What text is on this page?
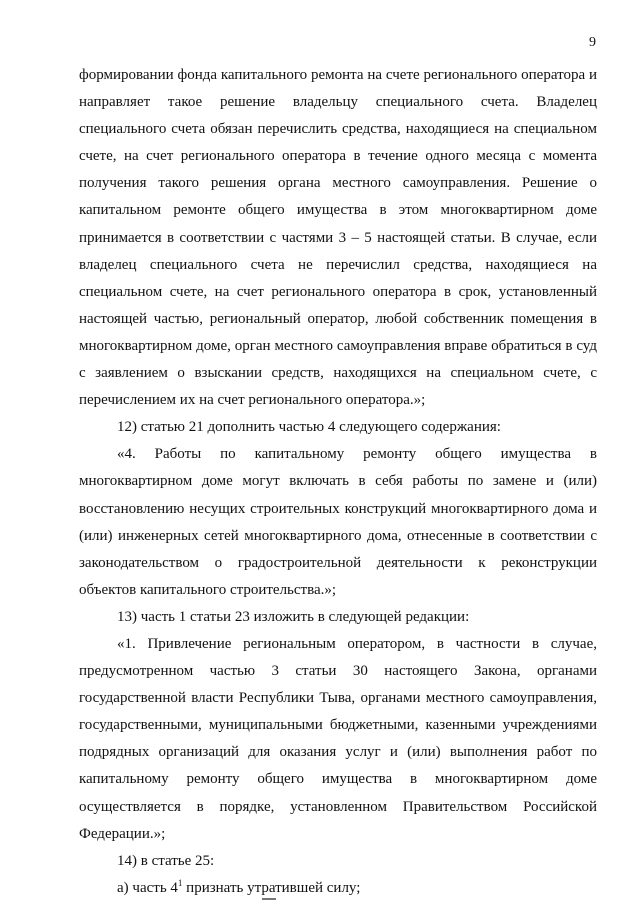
9

формировании фонда капитального ремонта на счете регионального оператора и направляет такое решение владельцу специального счета. Владелец специального счета обязан перечислить средства, находящиеся на специальном счете, на счет регионального оператора в течение одного месяца с момента получения такого решения органа местного самоуправления. Решение о капитальном ремонте общего имущества в этом многоквартирном доме принимается в соответствии с частями 3 – 5 настоящей статьи. В случае, если владелец специального счета не перечислил средства, находящиеся на специальном счете, на счет регионального оператора в срок, установленный настоящей частью, региональный оператор, любой собственник помещения в многоквартирном доме, орган местного самоуправления вправе обратиться в суд с заявлением о взыскании средств, находящихся на специальном счете, с перечислением их на счет регионального оператора.»;

12) статью 21 дополнить частью 4 следующего содержания:

«4. Работы по капитальному ремонту общего имущества в многоквартирном доме могут включать в себя работы по замене и (или) восстановлению несущих строительных конструкций многоквартирного дома и (или) инженерных сетей многоквартирного дома, отнесенные в соответствии с законодательством о градостроительной деятельности к реконструкции объектов капитального строительства.»;

13) часть 1 статьи 23 изложить в следующей редакции:

«1. Привлечение региональным оператором, в частности в случае, предусмотренном частью 3 статьи 30 настоящего Закона, органами государственной власти Республики Тыва, органами местного самоуправления, государственными, муниципальными бюджетными, казенными учреждениями подрядных организаций для оказания услуг и (или) выполнения работ по капитальному ремонту общего имущества в многоквартирном доме осуществляется в порядке, установленном Правительством Российской Федерации.»;

14) в статье 25:

а) часть $4^1$ признать утратившей силу;
